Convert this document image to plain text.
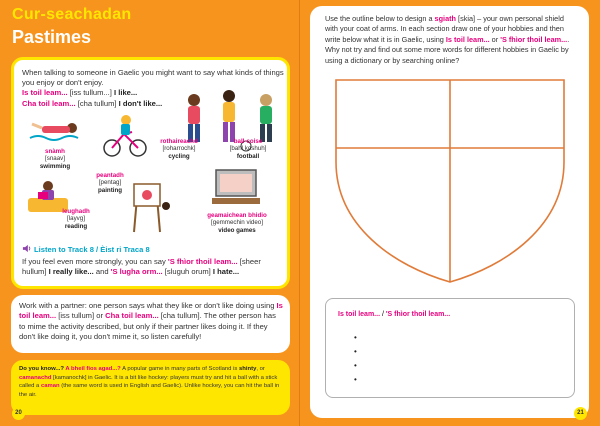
Cur-seachadan
Pastimes
When talking to someone in Gaelic you might want to say what kinds of things you enjoy or don't enjoy.
Is toil leam... [iss tullum...] I like...
Cha toil leam... [cha tullum] I don't like...
snàmh
[snaav]
swimming
rothaireachd
[roharrochk]
cycling
ball-coise
[bahl koshuh]
football
leughadh
[layvg]
reading
peantadh
[pentag]
painting
geamaichean bhidio
[gemmechin video]
video games
Listen to Track 8 / Èist ri Traca 8
If you feel even more strongly, you can say 'S fhìor thoil leam... [sheer hullum] I really like... and 'S lugha orm... [sluguh orum] I hate...
Work with a partner: one person says what they like or don't like doing using Is toil leam... [iss tullum] or Cha toil leam... [cha tullum]. The other person has to mime the activity described, but only if their partner likes doing it. If they don't like doing it, you don't mime it, so listen carefully!
Do you know...? A bheil fios agad...? A popular game in many parts of Scotland is shinty, or camanachd [kamanochk] in Gaelic. It is a bit like hockey: players must try and hit a ball with a stick called a caman (the same word is used in English and Gaelic). Unlike hockey, you can hit the ball in the air.
20
Use the outline below to design a sgiath [skia] – your own personal shield with your coat of arms. In each section draw one of your hobbies and then write below what it is in Gaelic, using Is toil leam... or 'S fhìor thoil leam.... Why not try and find out some more words for different hobbies in Gaelic by using a dictionary or by searching online?
Is toil leam... / 'S fhìor thoil leam...
•
•
•
•
21
